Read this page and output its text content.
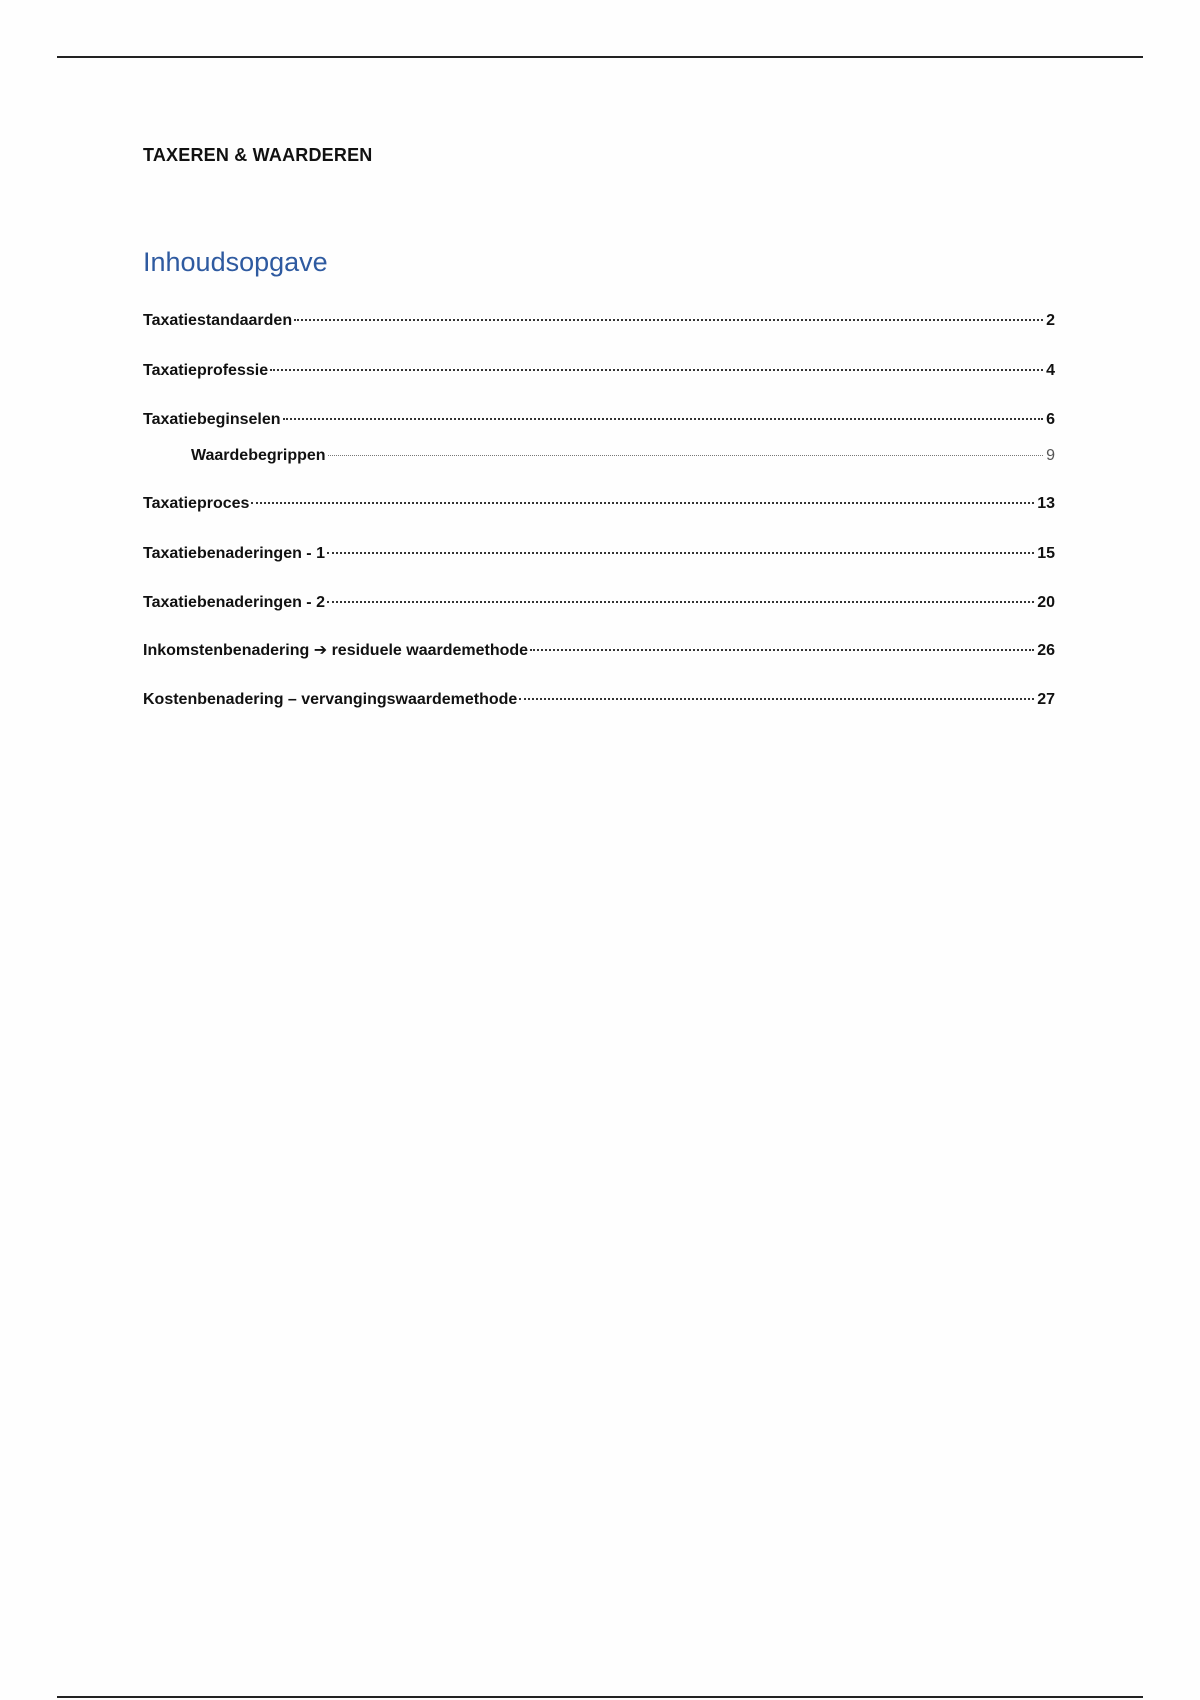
TAXEREN & WAARDEREN
Inhoudsopgave
Taxatiestandaarden	2
Taxatieprofessie	4
Taxatiebeginselen	6
Waardebegrippen	9
Taxatieproces	13
Taxatiebenaderingen - 1	15
Taxatiebenaderingen - 2	20
Inkomstenbenadering ➔ residuele waardemethode	26
Kostenbenadering – vervangingswaardemethode	27
